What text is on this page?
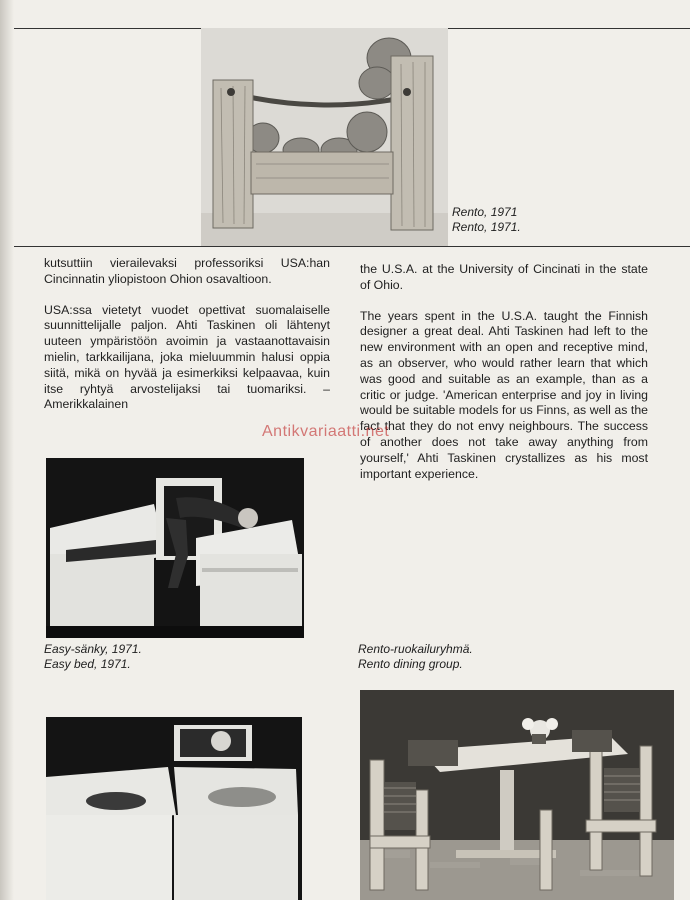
Rento, 1971
Rento, 1971.

kutsuttiin vierailevaksi professoriksi USA:han Cincinnatin yliopistoon Ohion osavaltioon.

USA:ssa vietetyt vuodet opettivat suomalaiselle suunnittelijalle paljon. Ahti Taskinen oli lähtenyt uuteen ympäristöön avoimin ja vastaanottavaisin mielin, tarkkailijana, joka mieluummin halusi oppia siitä, mikä on hyvää ja esimerkiksi kelpaavaa, kuin itse ryhtyä arvostelijaksi tai tuomariksi. – Amerikkalainen

the U.S.A. at the University of Cincinati in the state of Ohio.

The years spent in the U.S.A. taught the Finnish designer a great deal. Ahti Taskinen had left to the new environment with an open and receptive mind, as an observer, who would rather learn that which was good and suitable as an example, than as a critic or judge. 'American enterprise and joy in living would be suitable models for us Finns, as well as the fact that they do not envy neighbours. The success of another does not take away anything from yourself,' Ahti Taskinen crystallizes as his most important experience.

Antikvariaatti.net
Easy-sänky, 1971.
Easy bed, 1971.
Rento-ruokailuryhmä.
Rento dining group.
